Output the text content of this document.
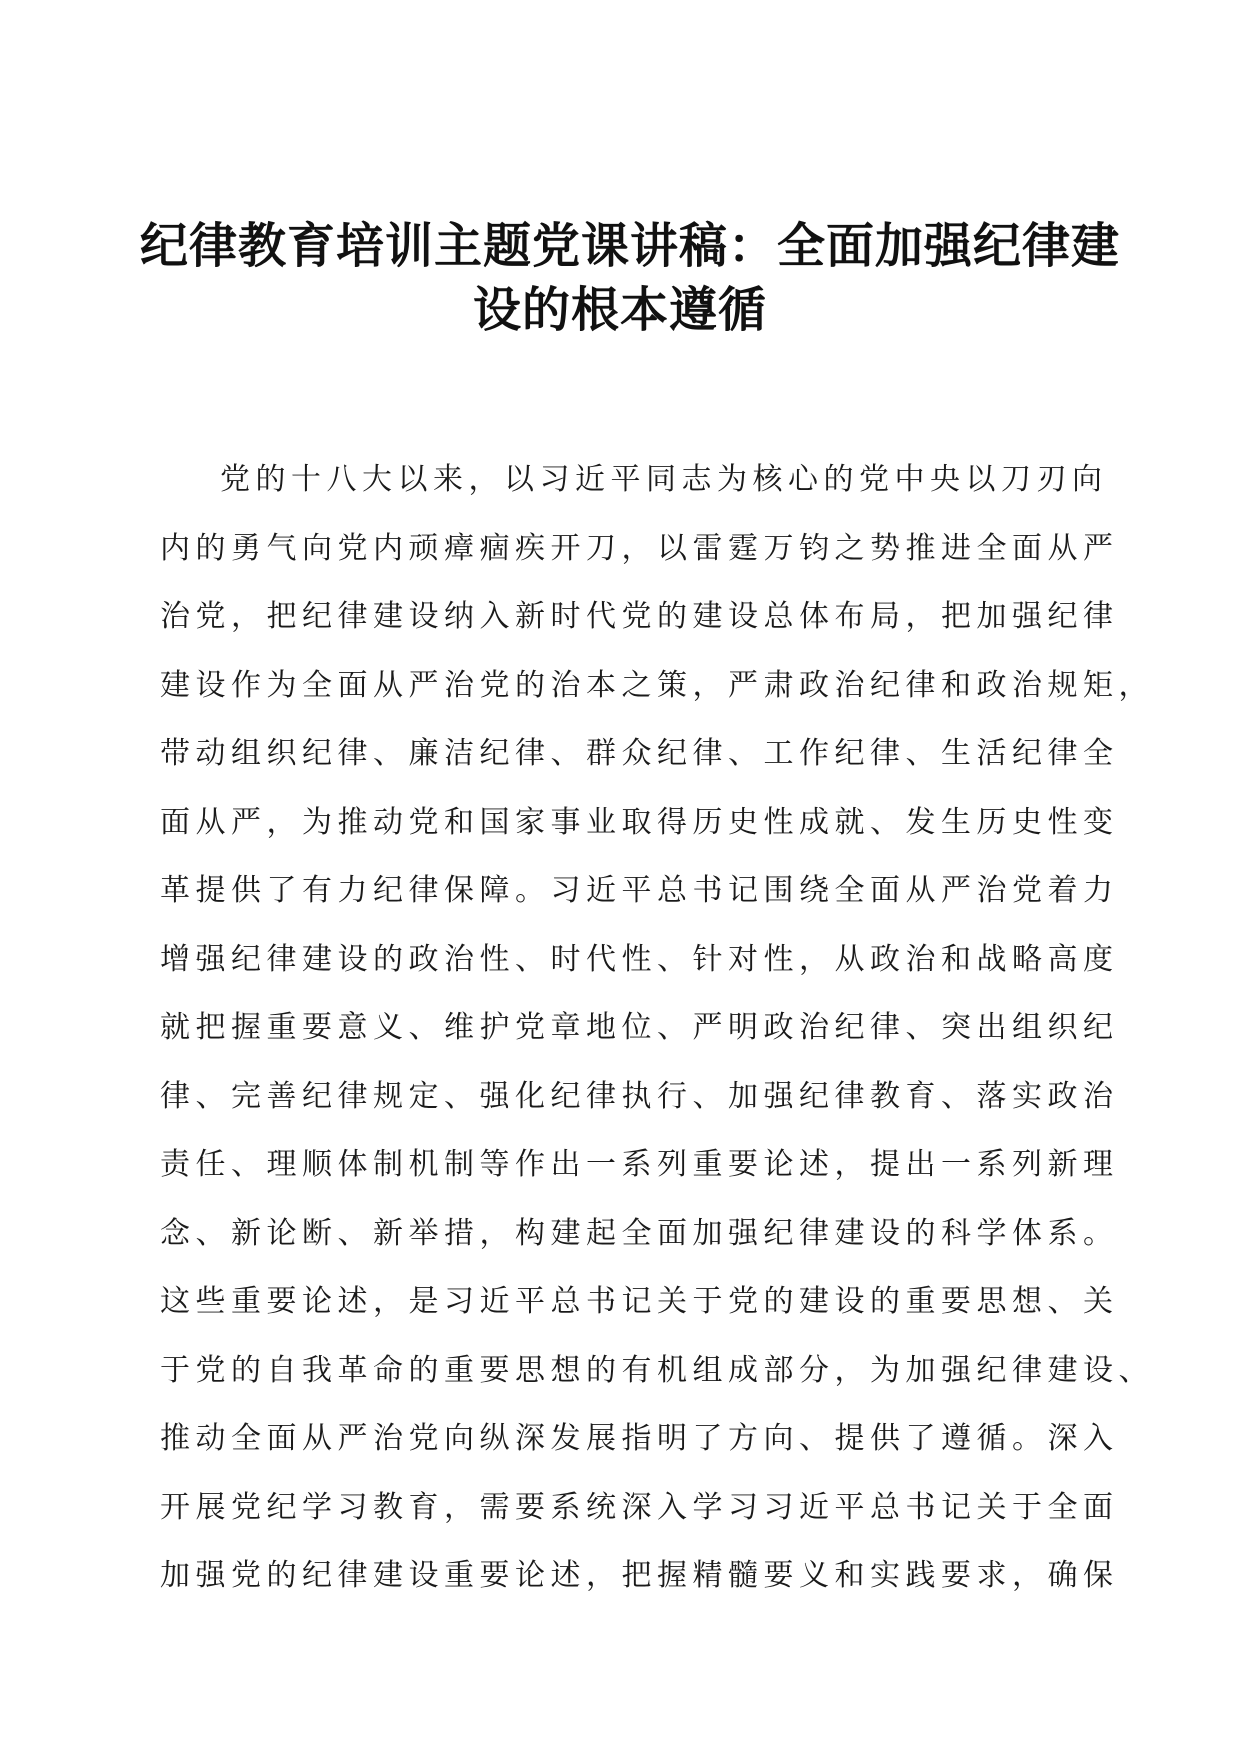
纪律教育培训主题党课讲稿：全面加强纪律建
设的根本遵循
党的十八大以来，以习近平同志为核心的党中央以刀刃向
内的勇气向党内顽瘴痼疾开刀，以雷霆万钧之势推进全面从严
治党，把纪律建设纳入新时代党的建设总体布局，把加强纪律
建设作为全面从严治党的治本之策，严肃政治纪律和政治规矩，
带动组织纪律、廉洁纪律、群众纪律、工作纪律、生活纪律全
面从严，为推动党和国家事业取得历史性成就、发生历史性变
革提供了有力纪律保障。习近平总书记围绕全面从严治党着力
增强纪律建设的政治性、时代性、针对性，从政治和战略高度
就把握重要意义、维护党章地位、严明政治纪律、突出组织纪
律、完善纪律规定、强化纪律执行、加强纪律教育、落实政治
责任、理顺体制机制等作出一系列重要论述，提出一系列新理
念、新论断、新举措，构建起全面加强纪律建设的科学体系。
这些重要论述，是习近平总书记关于党的建设的重要思想、关
于党的自我革命的重要思想的有机组成部分，为加强纪律建设、
推动全面从严治党向纵深发展指明了方向、提供了遵循。深入
开展党纪学习教育，需要系统深入学习习近平总书记关于全面
加强党的纪律建设重要论述，把握精髓要义和实践要求，确保
